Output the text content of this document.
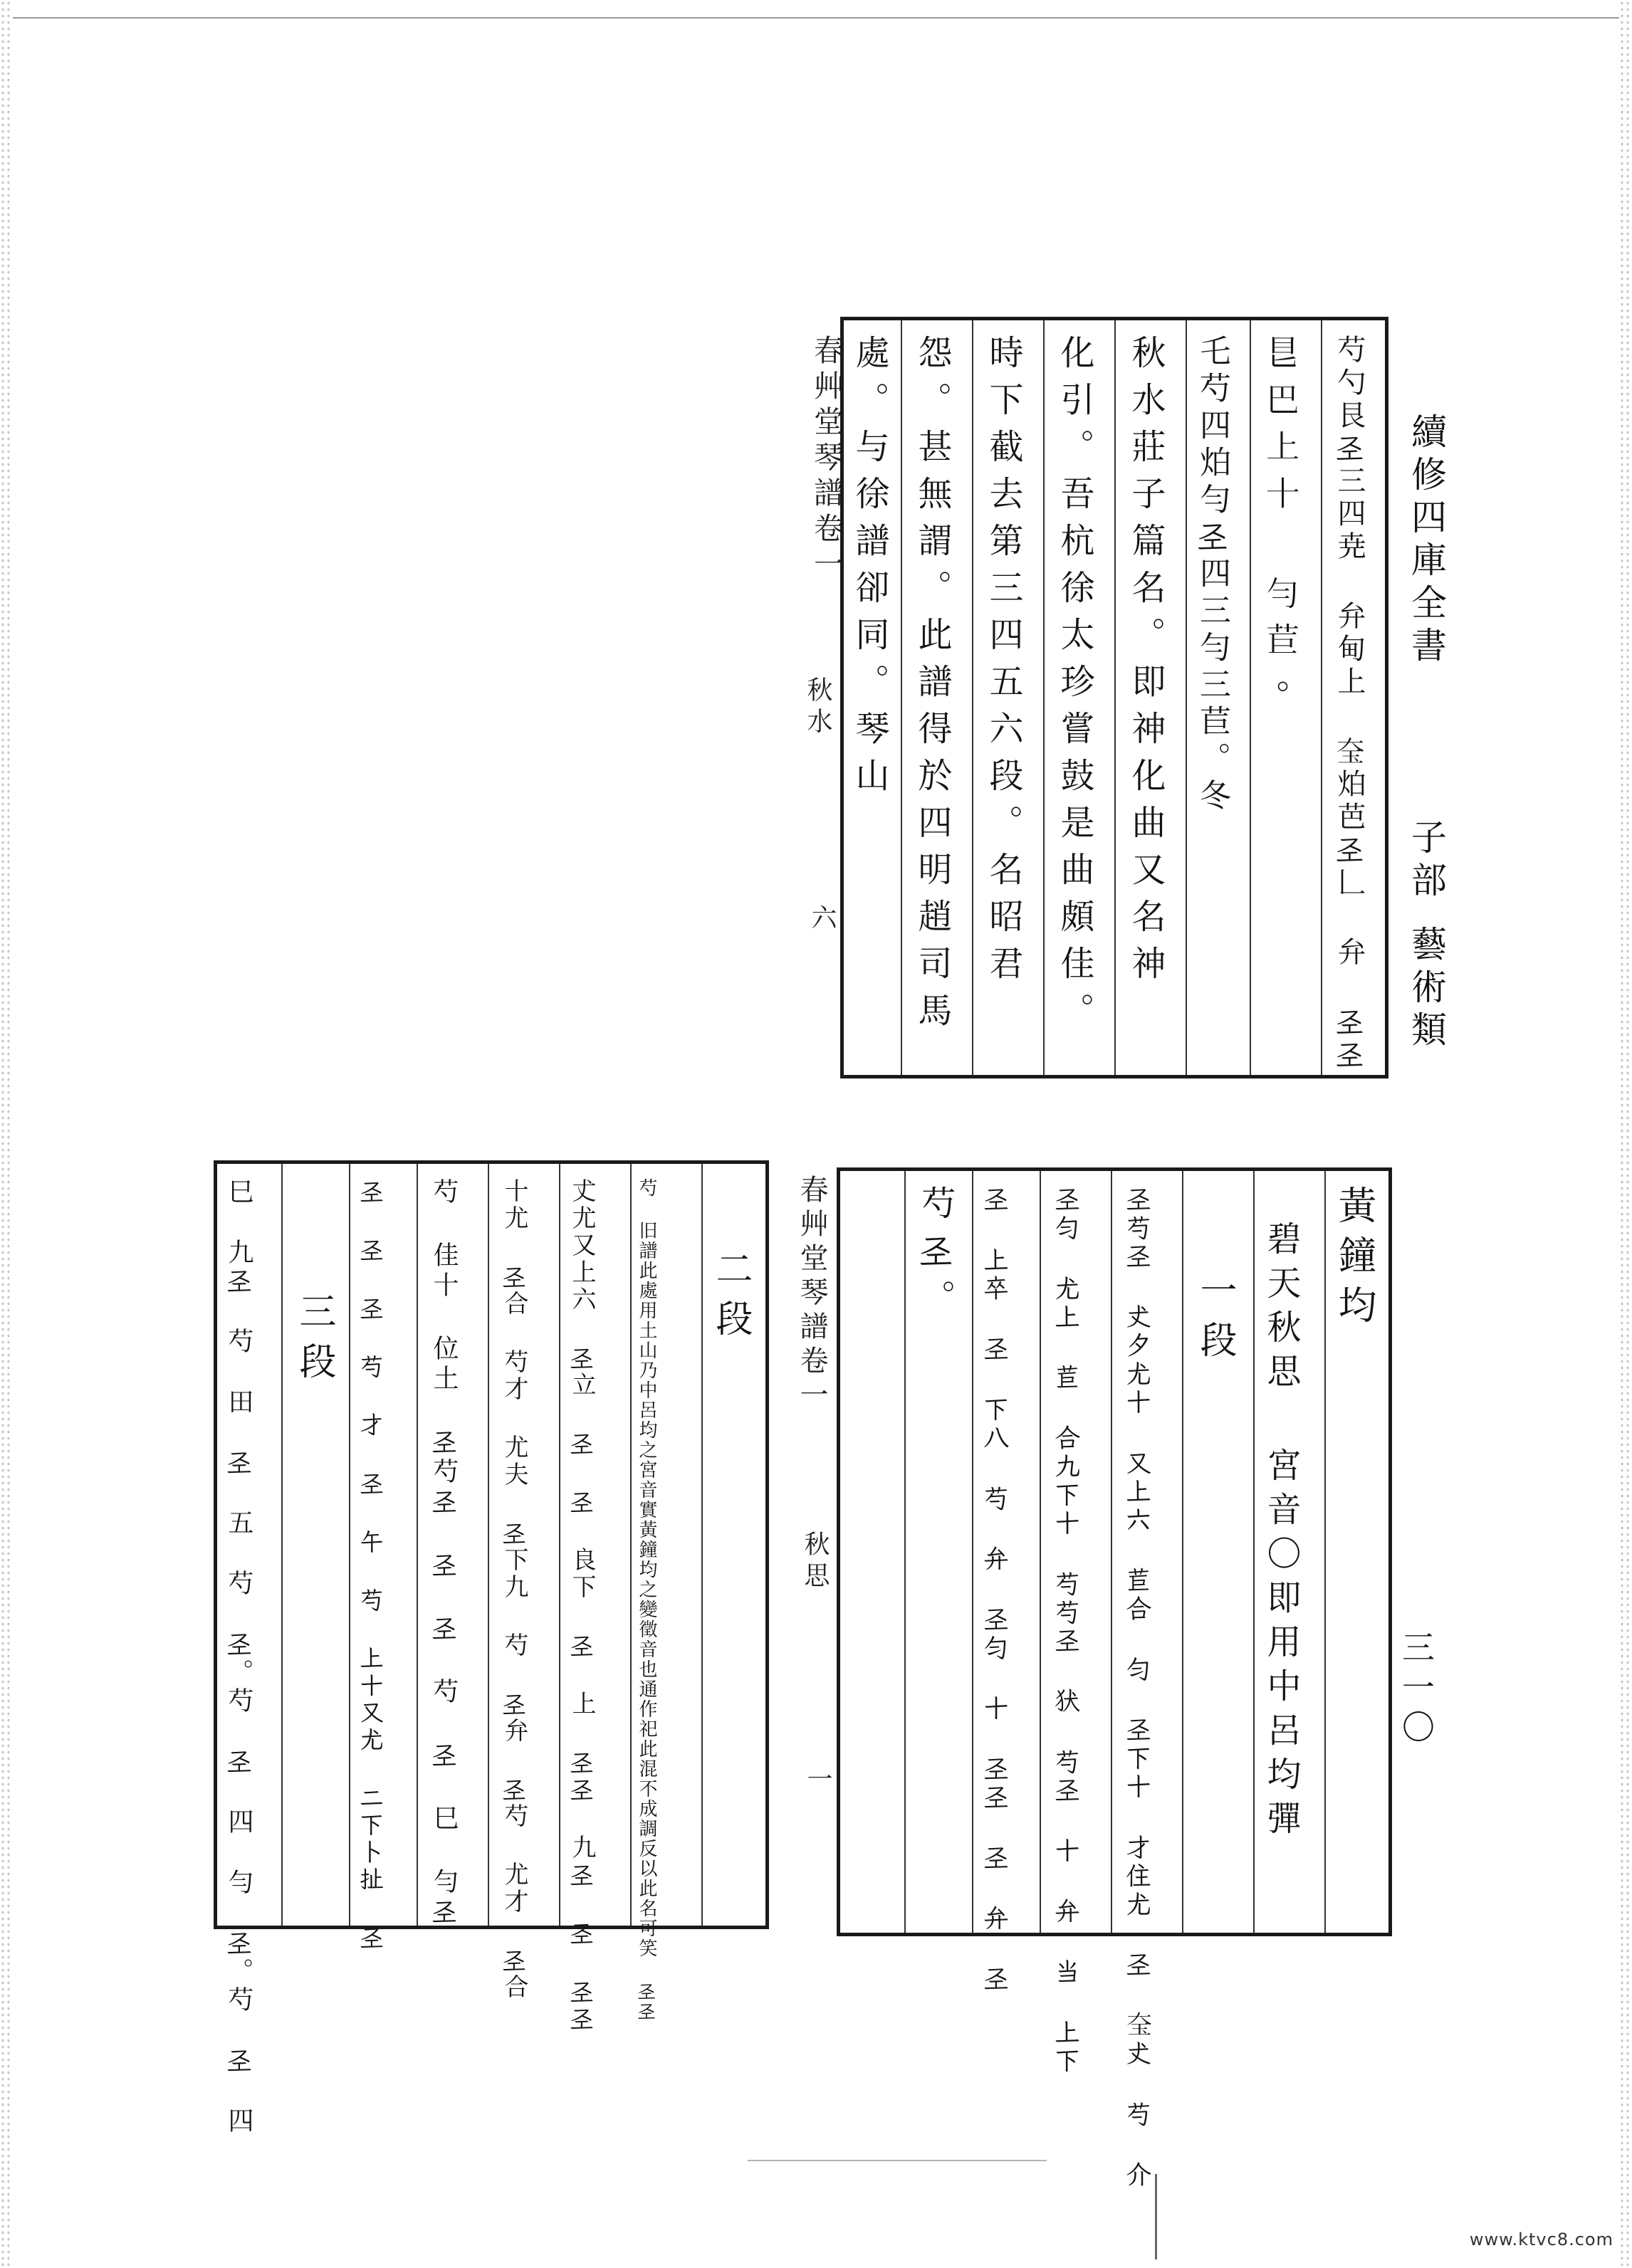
續修四庫全書
子部
藝術類
三一〇
春艸堂琴譜卷一
秋水
六	芍勺艮𢀖三四尭 弁甸上 𡘇𤇢芭𢀖𠃊 弁 𢀖𢀖
𥃩巴上十 勻苣。
乇芍四𤇢勻𢀖四三勻三苣。冬
秋水莊子篇名。即神化曲又名神
化引。吾杭徐太珍嘗鼓是曲頗佳。
時下截去第三四五六段。名昭君
怨。甚無謂。此譜得於四明趙司馬
處。与徐譜卻同。琴山
黃鐘均
碧天秋思 宮音〇即用中呂均彈
一段
𢀖芍𢀖 𠀋夕尤十 又上六 苣合 勻 𢀖下十 才住尤 𢀖 𡘇𠀋 芍 介
𢀖勻 尤上 苣 合九下十 芍芍𢀖 犾 芍𢀖 十 弁 当 上下
𢀖 上卒 𢀖 下八 芍 弁 𢀖勻 十 𢀖𢀖 𢀖 弁 𢀖
芍𢀖。
春艸堂琴譜卷一
秋思
一
二段
芍 旧譜此處用土山乃中呂均之宮音實黃鐘均之變徵音也通作祀此混不成調反以此名可笑 𢀖𢀖
𠀋尤又上六 𢀖立 𢀖 𢀖 良下 𢀖 上 𢀖𢀖 九𢀖 𢀖 𢀖𢀖
十尤 𢀖合 芍才 尤夫 𢀖下九 芍 𢀖弁 𢀖芍 尤才 𢀖合
芍 佳十 位土 𢀖芍𢀖 𢀖 𢀖 芍 𢀖 巳 勻𢀖
𢀖 𢀖 𢀖 芍 才 𢀖 午 芍 上十又尤 二下卜扯 𢀖
三段
巳 九𢀖 芍 田 𢀖 五 芍 𢀖。芍 𢀖 四 勻 𢀖。芍 𢀖 四
www.ktvc8.com
